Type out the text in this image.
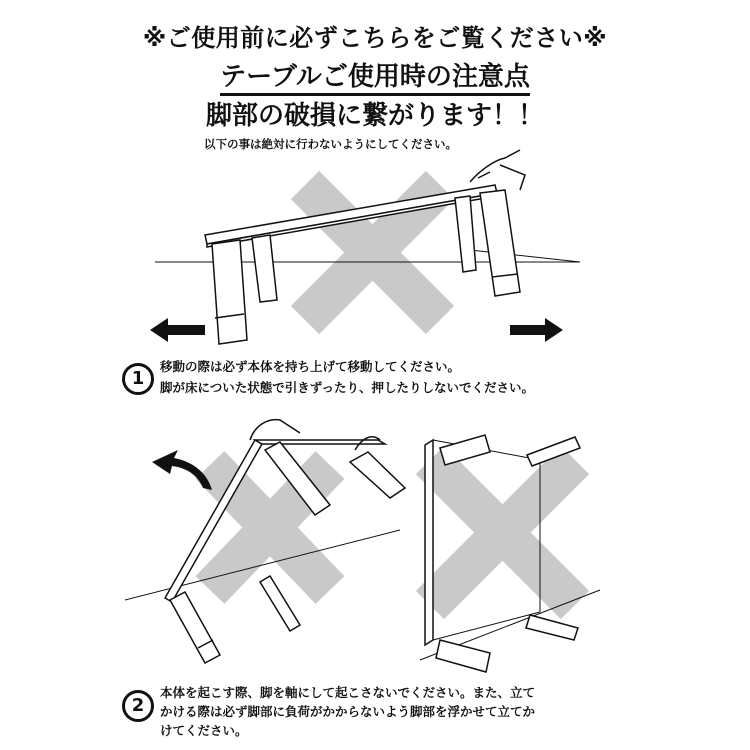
※ご使用前に必ずこちらをご覧ください※
テーブルご使用時の注意点
脚部の破損に繋がります！！
以下の事は絶対に行わないようにしてください。
1
移動の際は必ず本体を持ち上げて移動してください。
脚が床についた状態で引きずったり、押したりしないでください。
2
本体を起こす際、脚を軸にして起こさないでください。また、立て
かける際は必ず脚部に負荷がかからないよう脚部を浮かせて立てか
けてください。
